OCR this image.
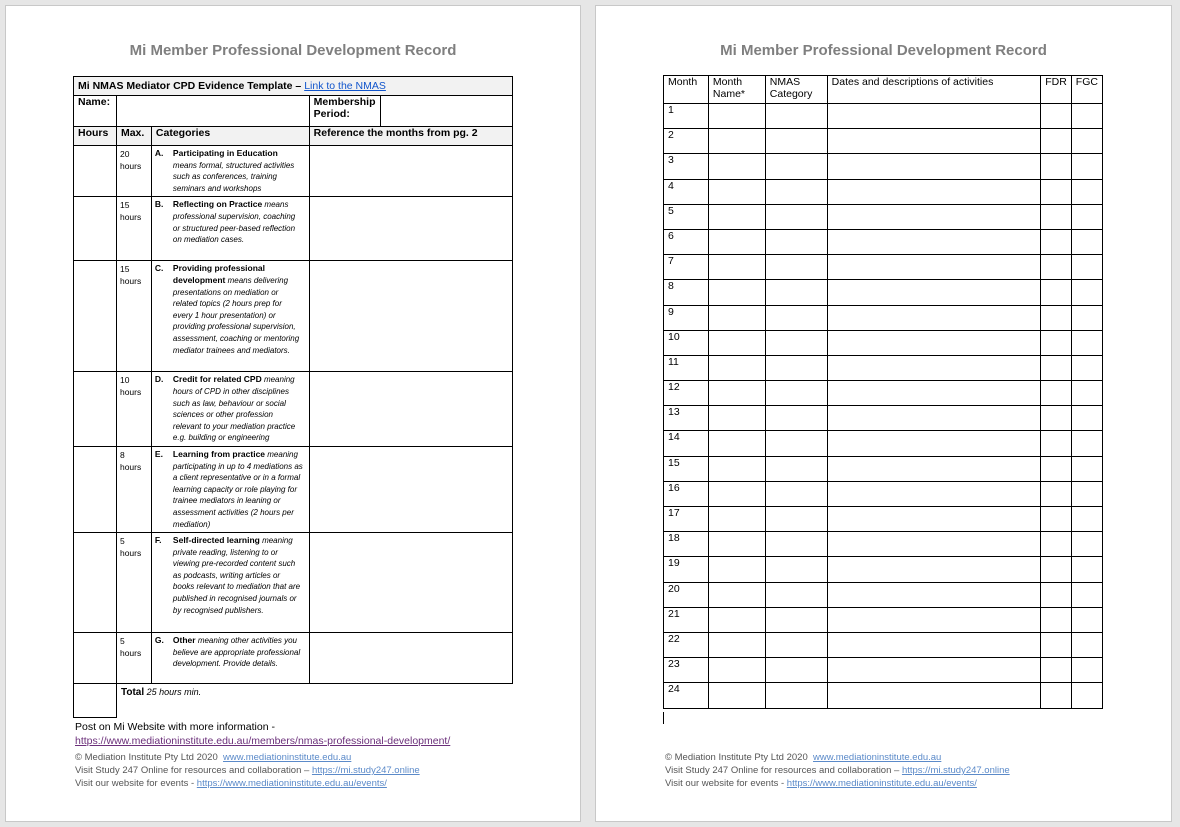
Mi Member Professional Development Record
Mi NMAS Mediator CPD Evidence Template – Link to the NMAS				
Name:			Membership Period:	
Hours	Max.	Categories	Reference the months from pg. 2	
	20 hours	A. Participating in Education means formal, structured activities such as conferences, training seminars and workshops		
	15 hours	B. Reflecting on Practice means professional supervision, coaching or structured peer-based reflection on mediation cases.		
	15 hours	C. Providing professional development means delivering presentations on mediation or related topics (2 hours prep for every 1 hour presentation) or providing professional supervision, assessment, coaching or mentoring mediator trainees and mediators.		
	10 hours	D. Credit for related CPD meaning hours of CPD in other disciplines such as law, behaviour or social sciences or other profession relevant to your mediation practice e.g. building or engineering		
	8 hours	E. Learning from practice meaning participating in up to 4 mediations as a client representative or in a formal learning capacity or role playing for trainee mediators in leaning or assessment activities (2 hours per mediation)		
	5 hours	F. Self-directed learning meaning private reading, listening to or viewing pre-recorded content such as podcasts, writing articles or books relevant to mediation that are published in recognised journals or by recognised publishers.		
	5 hours	G. Other meaning other activities you believe are appropriate professional development. Provide details.		
	Total 25 hours min.			
Post on Mi Website with more information -
https://www.mediationinstitute.edu.au/members/nmas-professional-development/
© Mediation Institute Pty Ltd 2020 www.mediationinstitute.edu.au
Visit Study 247 Online for resources and collaboration – https://mi.study247.online
Visit our website for events - https://www.mediationinstitute.edu.au/events/
Mi Member Professional Development Record
Month	Month Name*	NMAS Category	Dates and descriptions of activities	FDR	FGC
1					
2					
3					
4					
5					
6					
7					
8					
9					
10					
11					
12					
13					
14					
15					
16					
17					
18					
19					
20					
21					
22					
23					
24					
© Mediation Institute Pty Ltd 2020 www.mediationinstitute.edu.au
Visit Study 247 Online for resources and collaboration – https://mi.study247.online
Visit our website for events - https://www.mediationinstitute.edu.au/events/
